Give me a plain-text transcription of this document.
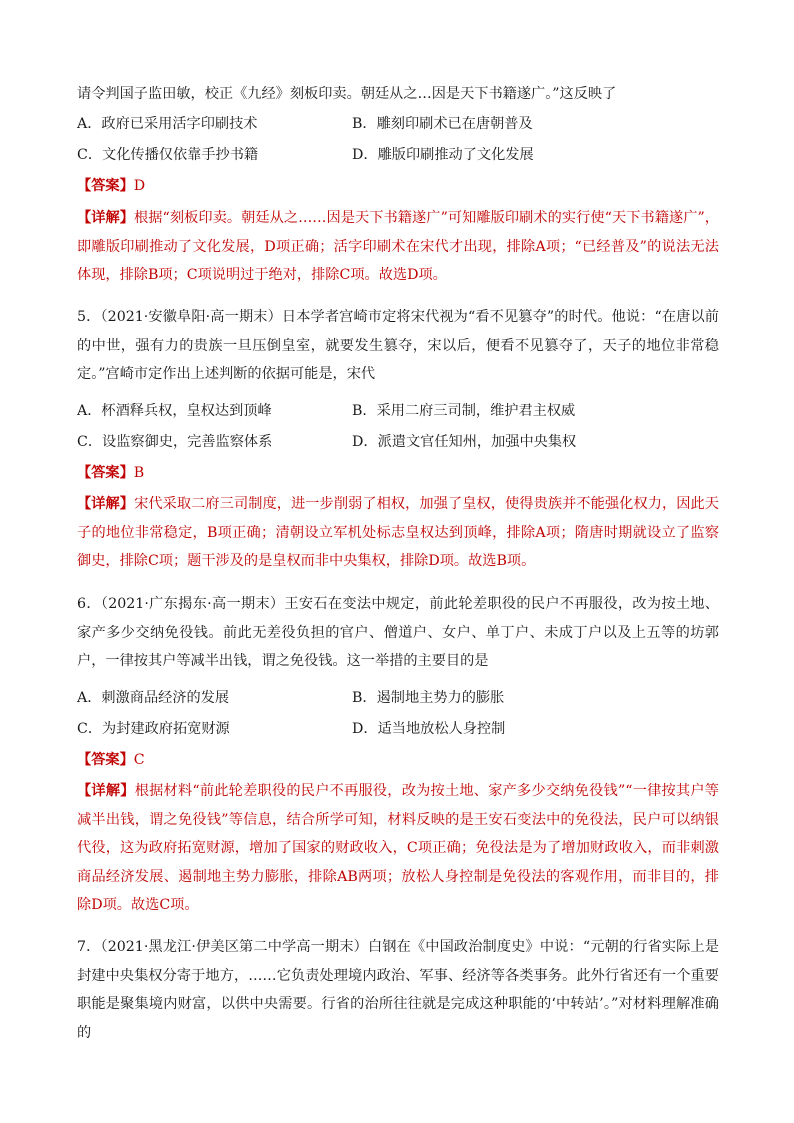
请令判国子监田敏，校正《九经》刻板印卖。朝廷从之…因是天下书籍遂广。”这反映了

A．政府已采用活字印刷技术	B．雕刻印刷术已在唐朝普及
C．文化传播仅依靠手抄书籍	D．雕版印刷推动了文化发展

【答案】D

【详解】根据“刻板印卖。朝廷从之……因是天下书籍遂广”可知雕版印刷术的实行使“天下书籍遂广”，即雕版印刷推动了文化发展，D项正确；活字印刷术在宋代才出现，排除A项；“已经普及”的说法无法体现，排除B项；C项说明过于绝对，排除C项。故选D项。

5．（2021·安徽阜阳·高一期末）日本学者宫崎市定将宋代视为“看不见篡夺”的时代。他说：“在唐以前的中世，强有力的贵族一旦压倒皇室，就要发生篡夺，宋以后，便看不见篡夺了，天子的地位非常稳定。”宫崎市定作出上述判断的依据可能是，宋代

A．杯酒释兵权，皇权达到顶峰	B．采用二府三司制，维护君主权威
C．设监察御史，完善监察体系	D．派遣文官任知州，加强中央集权

【答案】B

【详解】宋代采取二府三司制度，进一步削弱了相权，加强了皇权，使得贵族并不能强化权力，因此天子的地位非常稳定，B项正确；清朝设立军机处标志皇权达到顶峰，排除A项；隋唐时期就设立了监察御史，排除C项；题干涉及的是皇权而非中央集权，排除D项。故选B项。

6．（2021·广东揭东·高一期末）王安石在变法中规定，前此轮差职役的民户不再服役，改为按土地、家产多少交纳免役钱。前此无差役负担的官户、僧道户、女户、单丁户、未成丁户以及上五等的坊郭户，一律按其户等减半出钱，谓之免役钱。这一举措的主要目的是

A．刺激商品经济的发展	B．遏制地主势力的膨胀
C．为封建政府拓宽财源	D．适当地放松人身控制

【答案】C

【详解】根据材料“前此轮差职役的民户不再服役，改为按土地、家产多少交纳免役钱”“一律按其户等减半出钱，谓之免役钱”等信息，结合所学可知，材料反映的是王安石变法中的免役法，民户可以纳银代役，这为政府拓宽财源，增加了国家的财政收入，C项正确；免役法是为了增加财政收入，而非刺激商品经济发展、遏制地主势力膨胀，排除AB两项；放松人身控制是免役法的客观作用，而非目的，排除D项。故选C项。

7．（2021·黑龙江·伊美区第二中学高一期末）白钢在《中国政治制度史》中说：“元朝的行省实际上是封建中央集权分寄于地方，……它负责处理境内政治、军事、经济等各类事务。此外行省还有一个重要职能是聚集境内财富，以供中央需要。行省的治所往往就是完成这种职能的‘中转站’。”对材料理解准确的
